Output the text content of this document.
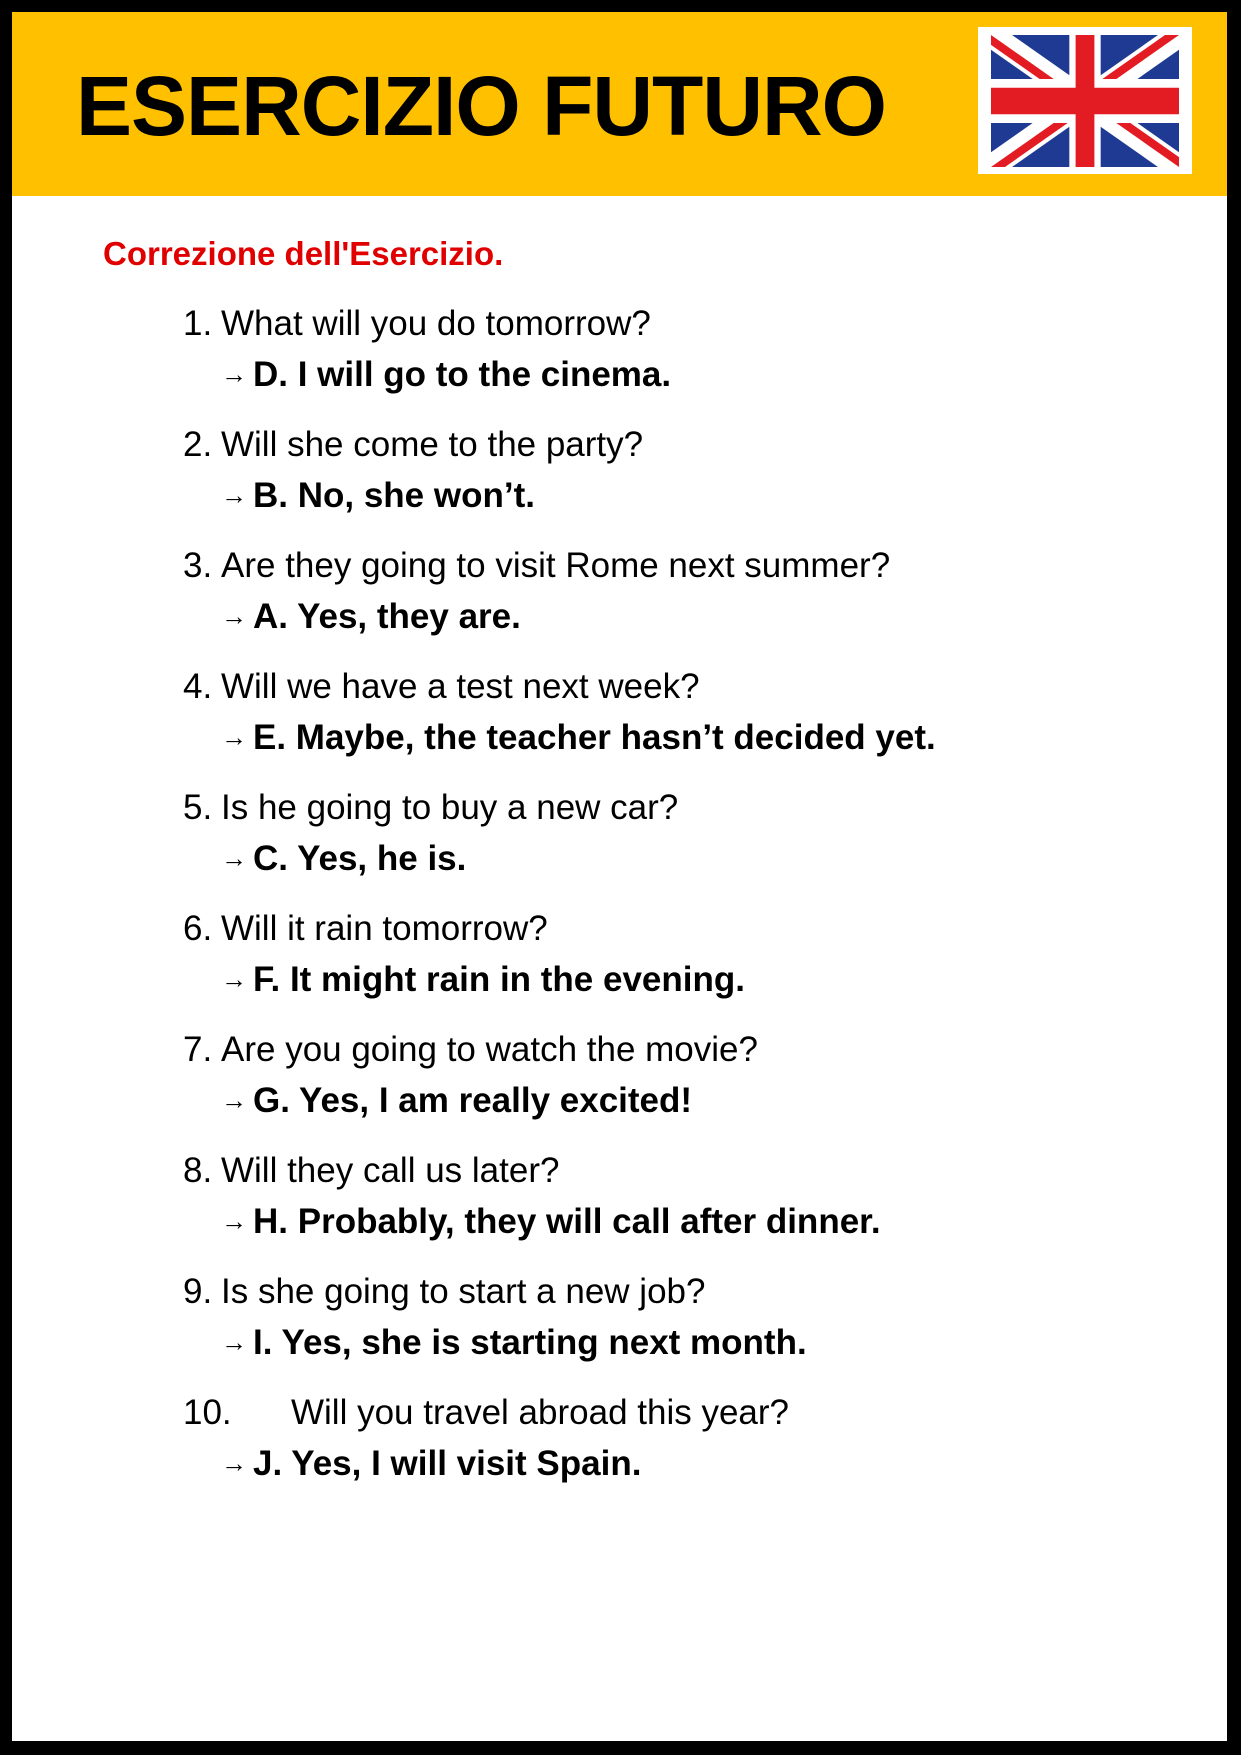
ESERCIZIO FUTURO
Correzione dell'Esercizio.
1. What will you do tomorrow?
→ D. I will go to the cinema.
2. Will she come to the party?
→ B. No, she won’t.
3. Are they going to visit Rome next summer?
→ A. Yes, they are.
4. Will we have a test next week?
→ E. Maybe, the teacher hasn’t decided yet.
5. Is he going to buy a new car?
→ C. Yes, he is.
6. Will it rain tomorrow?
→ F. It might rain in the evening.
7. Are you going to watch the movie?
→ G. Yes, I am really excited!
8. Will they call us later?
→ H. Probably, they will call after dinner.
9. Is she going to start a new job?
→ I. Yes, she is starting next month.
10. Will you travel abroad this year?
→ J. Yes, I will visit Spain.
